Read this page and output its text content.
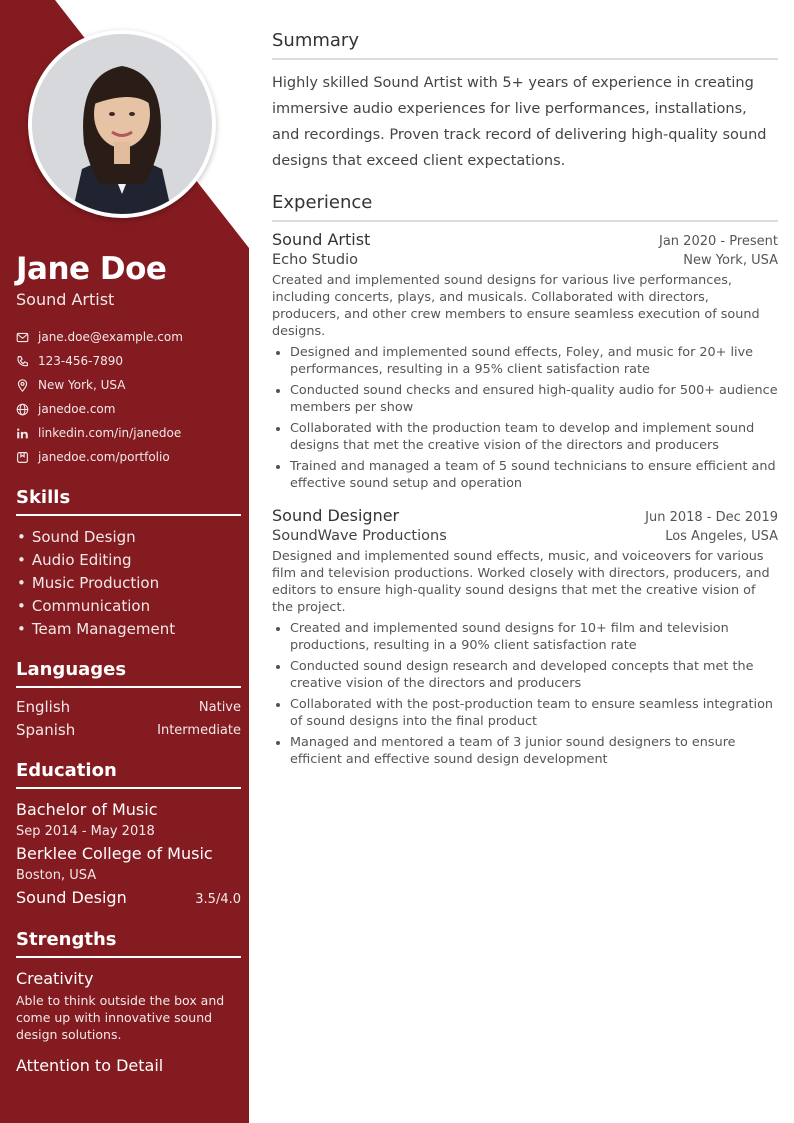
Jane Doe
Sound Artist
jane.doe@example.com
123-456-7890
New York, USA
janedoe.com
linkedin.com/in/janedoe
janedoe.com/portfolio
Skills
• Sound Design
• Audio Editing
• Music Production
• Communication
• Team Management
Languages
English	Native
Spanish	Intermediate
Education
Bachelor of Music
Sep 2014 - May 2018
Berklee College of Music
Boston, USA
Sound Design	3.5/4.0
Strengths
Creativity
Able to think outside the box and come up with innovative sound design solutions.
Attention to Detail
Summary

Highly skilled Sound Artist with 5+ years of experience in creating immersive audio experiences for live performances, installations, and recordings. Proven track record of delivering high-quality sound designs that exceed client expectations.

Experience
Sound Artist	Jan 2020 - Present
Echo Studio	New York, USA
Created and implemented sound designs for various live performances, including concerts, plays, and musicals. Collaborated with directors, producers, and other crew members to ensure seamless execution of sound designs.
• Designed and implemented sound effects, Foley, and music for 20+ live performances, resulting in a 95% client satisfaction rate
• Conducted sound checks and ensured high-quality audio for 500+ audience members per show
• Collaborated with the production team to develop and implement sound designs that met the creative vision of the directors and producers
• Trained and managed a team of 5 sound technicians to ensure efficient and effective sound setup and operation
Sound Designer	Jun 2018 - Dec 2019
SoundWave Productions	Los Angeles, USA
Designed and implemented sound effects, music, and voiceovers for various film and television productions. Worked closely with directors, producers, and editors to ensure high-quality sound designs that met the creative vision of the project.
• Created and implemented sound designs for 10+ film and television productions, resulting in a 90% client satisfaction rate
• Conducted sound design research and developed concepts that met the creative vision of the directors and producers
• Collaborated with the post-production team to ensure seamless integration of sound designs into the final product
• Managed and mentored a team of 3 junior sound designers to ensure efficient and effective sound design development
